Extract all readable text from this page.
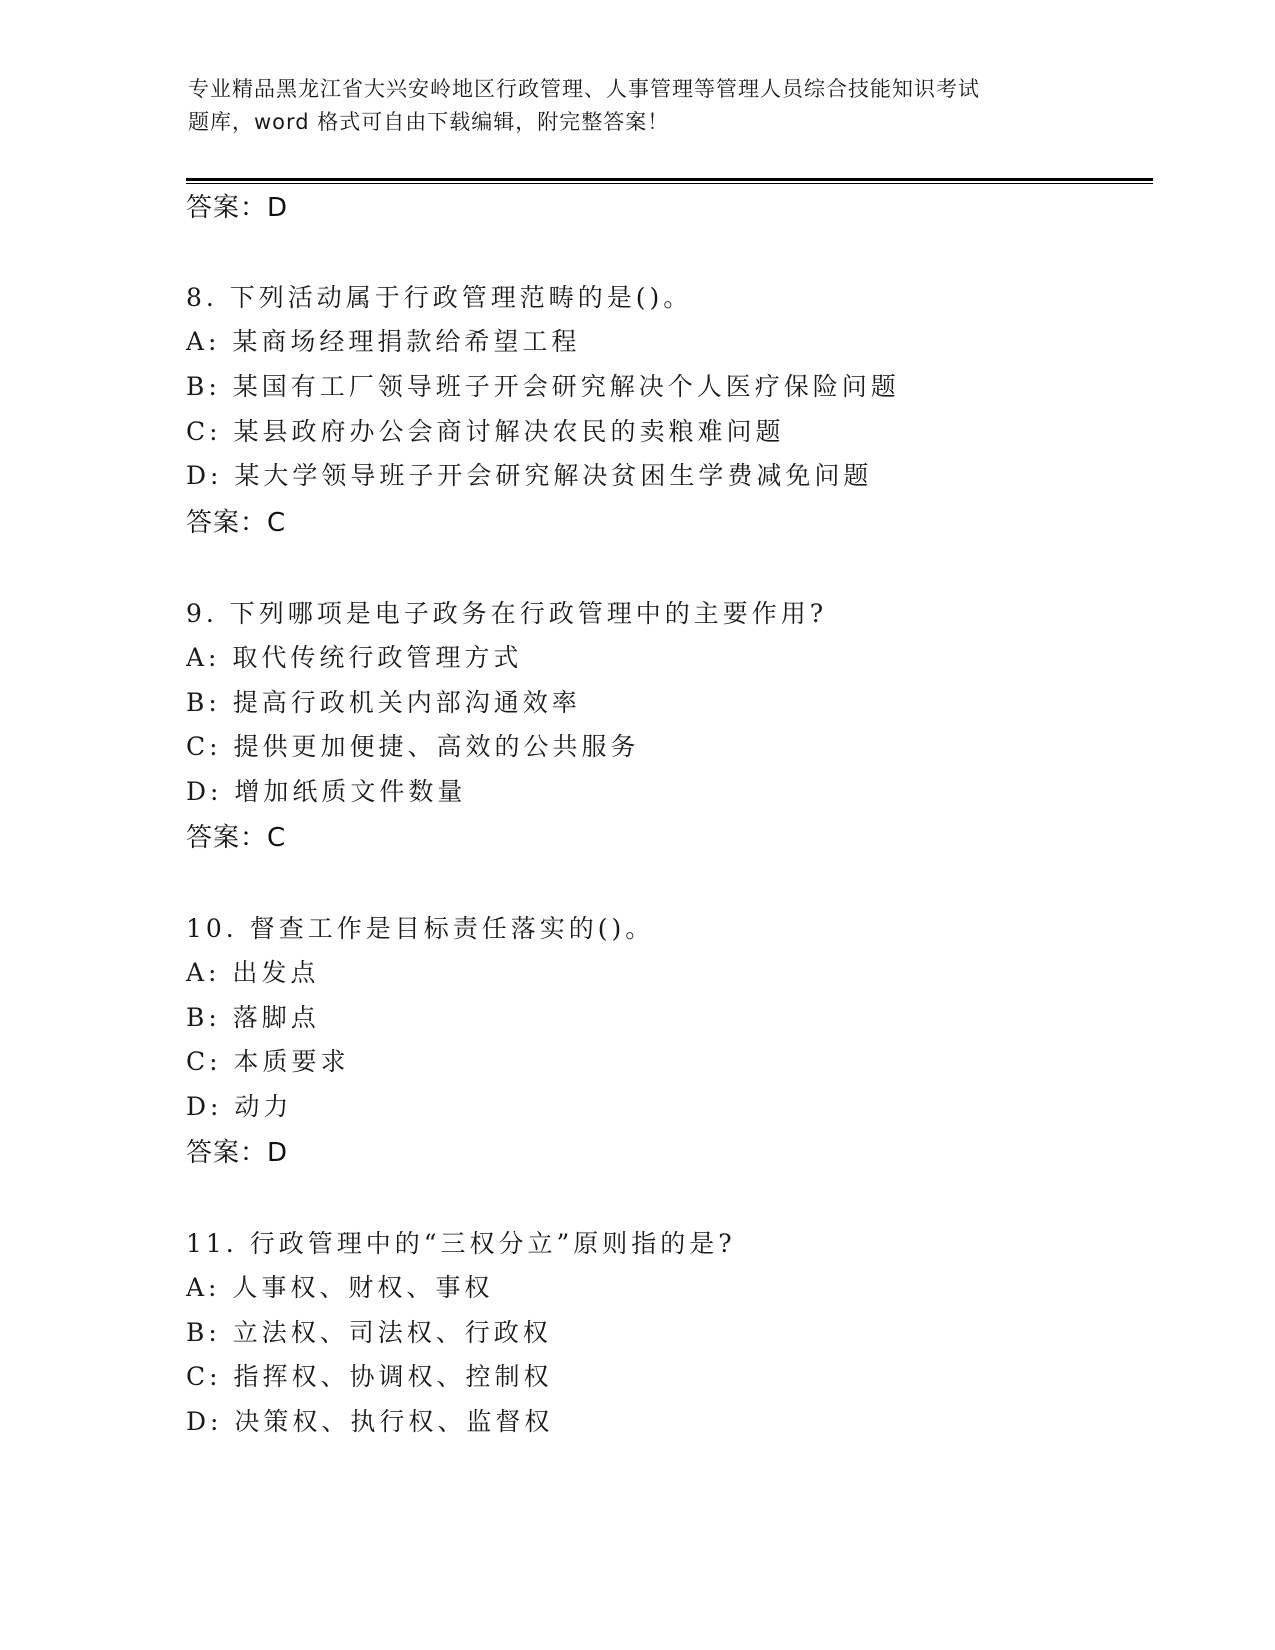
专业精品黑龙江省大兴安岭地区行政管理、人事管理等管理人员综合技能知识考试
题库，word 格式可自由下载编辑，附完整答案！
答案：D
8. 下列活动属于行政管理范畴的是()。
A: 某商场经理捐款给希望工程
B: 某国有工厂领导班子开会研究解决个人医疗保险问题
C: 某县政府办公会商讨解决农民的卖粮难问题
D: 某大学领导班子开会研究解决贫困生学费减免问题
答案：C
9. 下列哪项是电子政务在行政管理中的主要作用?
A: 取代传统行政管理方式
B: 提高行政机关内部沟通效率
C: 提供更加便捷、高效的公共服务
D: 增加纸质文件数量
答案：C
10. 督查工作是目标责任落实的()。
A: 出发点
B: 落脚点
C: 本质要求
D: 动力
答案：D
11. 行政管理中的“三权分立”原则指的是?
A: 人事权、财权、事权
B: 立法权、司法权、行政权
C: 指挥权、协调权、控制权
D: 决策权、执行权、监督权
